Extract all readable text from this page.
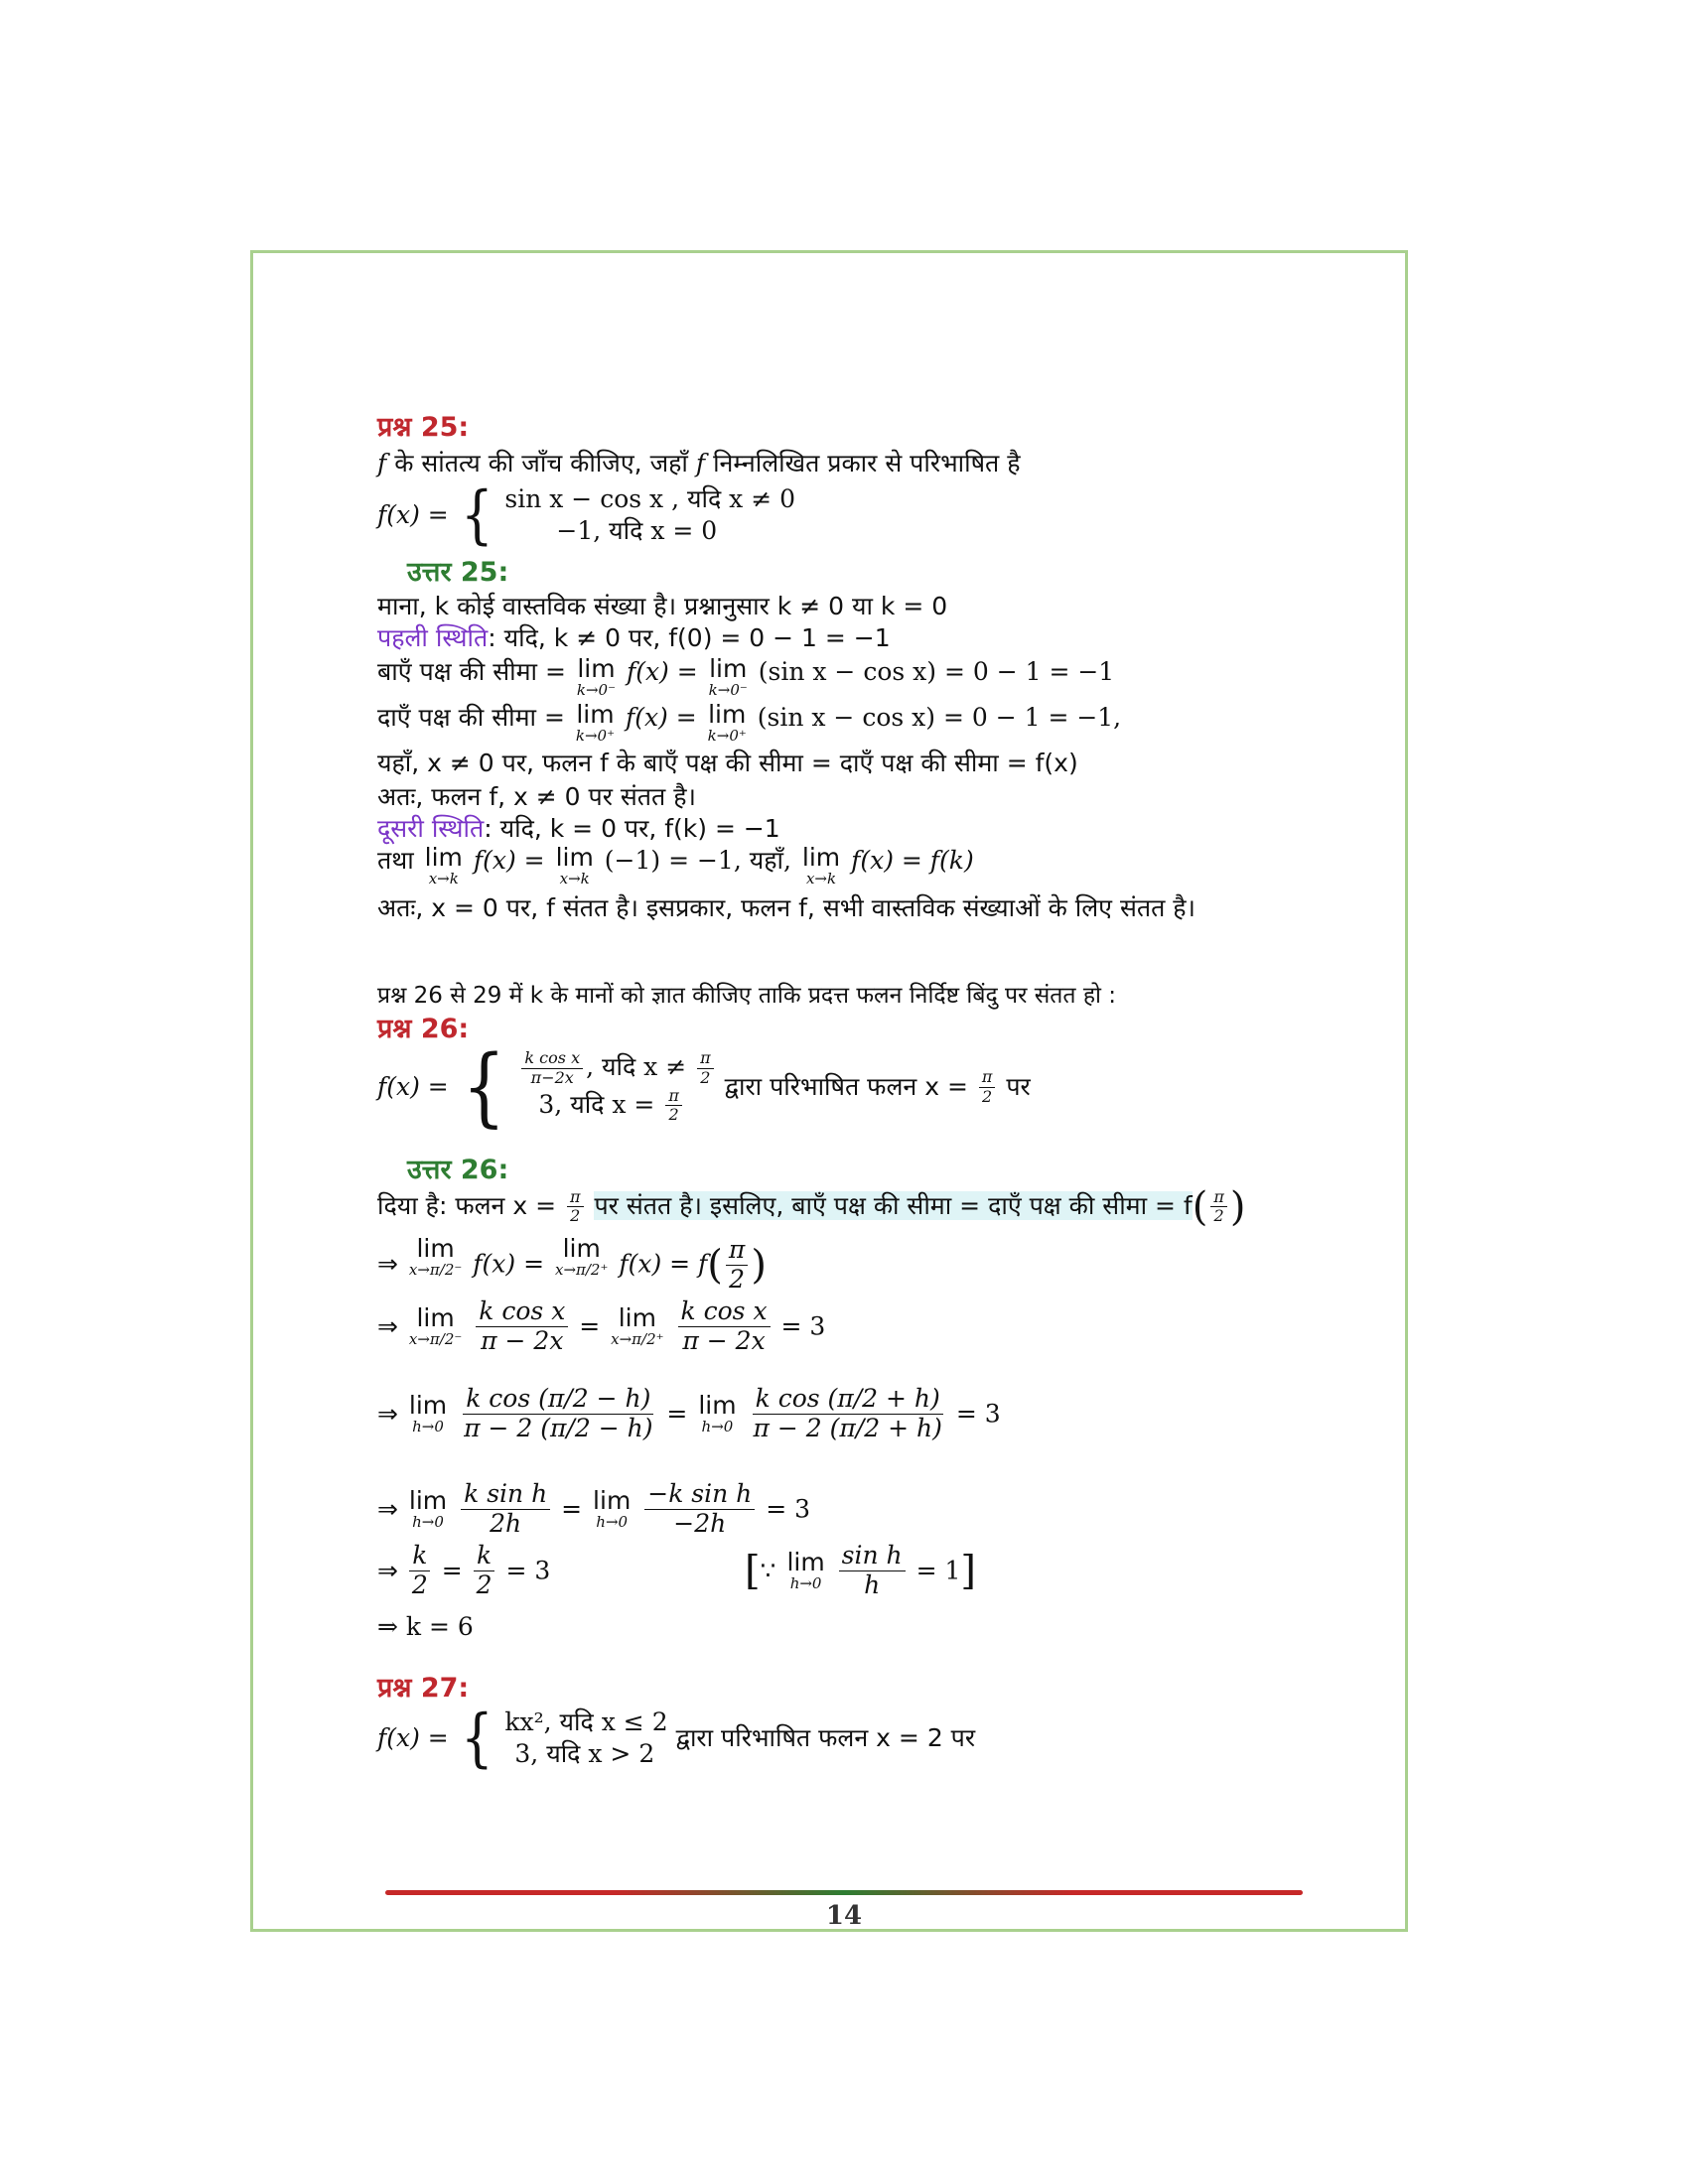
प्रश्न 25:
f के सांतत्य की जाँच कीजिए, जहाँ f निम्नलिखित प्रकार से परिभाषित है
f(x) = { sin x − cos x , यदि x ≠ 0
−1, यदि x = 0
उत्तर 25:
माना, k कोई वास्तविक संख्या है। प्रश्नानुसार k ≠ 0 या k = 0
पहली स्थिति: यदि, k ≠ 0 पर, f(0) = 0 − 1 = −1
बाएँ पक्ष की सीमा = lim
k→0⁻
f(x) = lim
k→0⁻
(sin x − cos x) = 0 − 1 = −1
दाएँ पक्ष की सीमा = lim
k→0⁺
f(x) = lim
k→0⁺
(sin x − cos x) = 0 − 1 = −1,
यहाँ, x ≠ 0 पर, फलन f के बाएँ पक्ष की सीमा = दाएँ पक्ष की सीमा = f(x)
अतः, फलन f, x ≠ 0 पर संतत है।
दूसरी स्थिति: यदि, k = 0 पर, f(k) = −1
तथा lim
x→k
f(x) = lim
x→k
(−1) = −1, यहाँ, lim
x→k
f(x) = f(k)
अतः, x = 0 पर, f संतत है। इसप्रकार, फलन f, सभी वास्तविक संख्याओं के लिए संतत है।
प्रश्न 26 से 29 में k के मानों को ज्ञात कीजिए ताकि प्रदत्त फलन निर्दिष्ट बिंदु पर संतत हो :
प्रश्न 26:
f(x) = { $\frac{\text{k cos x}}{\pi-2x}$ , यदि $x \ne \frac{\pi}{2}$
3, यदि $x = \frac{\pi}{2}$
द्वारा परिभाषित फलन $x = \frac{\pi}{2}$ पर
उत्तर 26:
दिया है: फलन $x = \frac{\pi}{2}$ पर संतत है। इसलिए, बाएँ पक्ष की सीमा = दाएँ पक्ष की सीमा = $f( \frac{\pi}{2}$ )
⇒
lim
x→π/2⁻ f(x) =
lim
x→π/2⁺ $f(x) = f( \frac{\pi}{2}$ )
⇒ lim
x→π/2⁻
$\frac{\text{k cos x}}{\pi - 2x} = \lim$
x→π/2⁺
$\frac{\text{k cos x}}{\pi - 2x} = 3$
⇒ lim
h→0
$\frac{\text{k cos (π/2 − h)}}{\pi - 2 (\pi/2 - h)} = \lim$
h→0
$\frac{\text{k cos (π/2 + h)}}{\pi - 2 (\pi/2 + h)} = 3$
⇒ lim
h→0
$\frac{\text{k sin h}}{2h} = \lim$
h→0
$\frac{\text{−k sin h}}{-2h} = 3$
⇒ $\frac{k}{2} = \frac{k}{2} = 3$	[∵ lim
h→0
$\frac{\text{sin h}}{h} = 1$]
⇒ k = 6
प्रश्न 27:
f(x) = { kx², यदि x ≤ 2
3, यदि x > 2
द्वारा परिभाषित फलन x = 2 पर
14
